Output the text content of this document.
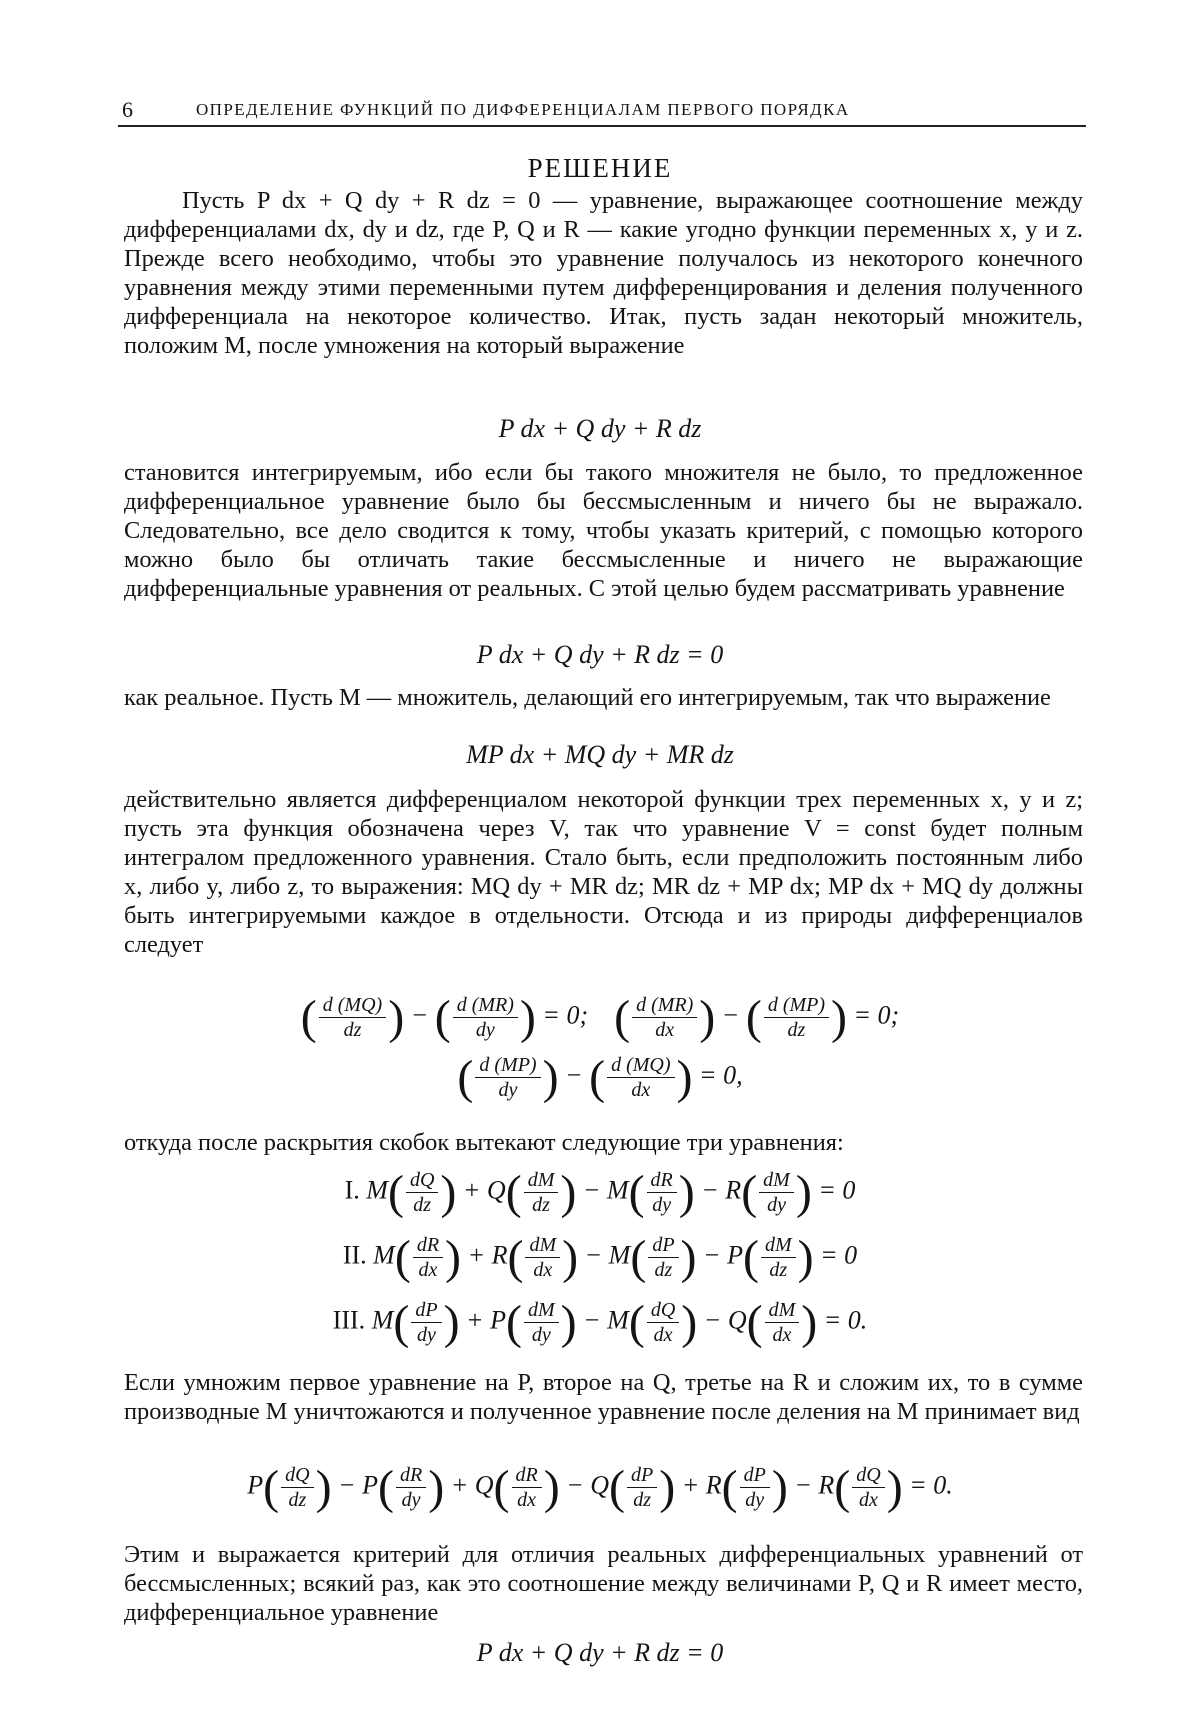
6	ОПРЕДЕЛЕНИЕ ФУНКЦИЙ ПО ДИФФЕРЕНЦИАЛАМ ПЕРВОГО ПОРЯДКА
РЕШЕНИЕ

Пусть P dx + Q dy + R dz = 0 — уравнение, выражающее соотношение между дифференциалами dx, dy и dz, где P, Q и R — какие угодно функции переменных x, y и z. Прежде всего необходимо, чтобы это уравнение получалось из некоторого конечного уравнения между этими переменными путем дифференцирования и деления полученного дифференциала на некоторое количество. Итак, пусть задан некоторый множитель, положим M, после умножения на который выражение

P dx + Q dy + R dz

становится интегрируемым, ибо если бы такого множителя не было, то предложенное дифференциальное уравнение было бы бессмысленным и ничего бы не выражало. Следовательно, все дело сводится к тому, чтобы указать критерий, с помощью которого можно было бы отличать такие бессмысленные и ничего не выражающие дифференциальные уравнения от реальных. С этой целью будем рассматривать уравнение

P dx + Q dy + R dz = 0

как реальное. Пусть M — множитель, делающий его интегрируемым, так что выражение

MP dx + MQ dy + MR dz

действительно является дифференциалом некоторой функции трех переменных x, y и z; пусть эта функция обозначена через V, так что уравнение V = const будет полным интегралом предложенного уравнения. Стало быть, если предположить постоянным либо x, либо y, либо z, то выражения: MQ dy + MR dz; MR dz + MP dx; MP dx + MQ dy должны быть интегрируемыми каждое в отдельности. Отсюда и из природы дифференциалов следует

( $\frac{d (MQ)}{dz}$ ) − ( $\frac{d (MR)}{dy}$ ) = 0; ( $\frac{d (MR)}{dx}$ ) − ( $\frac{d (MP)}{dz}$ ) = 0;
( $\frac{d (MP)}{dy}$ ) − ( $\frac{d (MQ)}{dx}$ ) = 0,

откуда после раскрытия скобок вытекают следующие три уравнения:

I. $M( \frac{dQ}{dz}$ ) + $Q( \frac{dM}{dz}$ ) − $M( \frac{dR}{dy}$ ) − $R( \frac{dM}{dy}$ ) = 0
II. $M( \frac{dR}{dx}$ ) + $R( \frac{dM}{dx}$ ) − $M( \frac{dP}{dz}$ ) − $P( \frac{dM}{dz}$ ) = 0
III. $M( \frac{dP}{dy}$ ) + $P( \frac{dM}{dy}$ ) − $M( \frac{dQ}{dx}$ ) − $Q( \frac{dM}{dx}$ ) = 0.

Если умножим первое уравнение на P, второе на Q, третье на R и сложим их, то в сумме производные M уничтожаются и полученное уравнение после деления на M принимает вид

$P( \frac{dQ}{dz}$ ) − $P( \frac{dR}{dy}$ ) + $Q( \frac{dR}{dx}$ ) − $Q( \frac{dP}{dz}$ ) + $R( \frac{dP}{dy}$ ) − $R( \frac{dQ}{dx}$ ) = 0.

Этим и выражается критерий для отличия реальных дифференциальных уравнений от бессмысленных; всякий раз, как это соотношение между величинами P, Q и R имеет место, дифференциальное уравнение

P dx + Q dy + R dz = 0
